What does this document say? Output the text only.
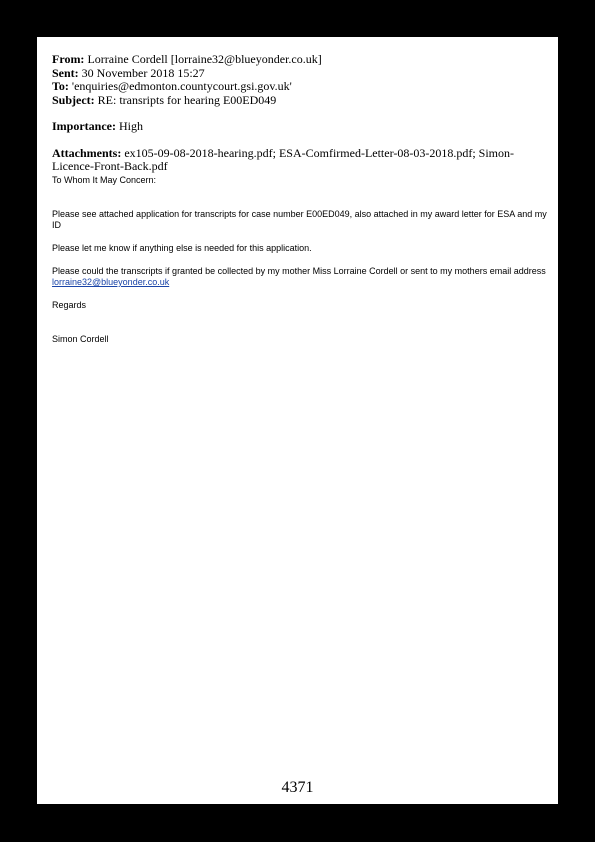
From: Lorraine Cordell [lorraine32@blueyonder.co.uk]
Sent: 30 November 2018 15:27
To: 'enquiries@edmonton.countycourt.gsi.gov.uk'
Subject: RE: transripts for hearing E00ED049
Importance: High
Attachments: ex105-09-08-2018-hearing.pdf; ESA-Comfirmed-Letter-08-03-2018.pdf; Simon-Licence-Front-Back.pdf

To Whom It May Concern:

Please see attached application for transcripts for case number E00ED049, also attached in my award letter for ESA and my ID

Please let me know if anything else is needed for this application.

Please could the transcripts if granted be collected by my mother Miss Lorraine Cordell or sent to my mothers email address lorraine32@blueyonder.co.uk

Regards

Simon Cordell

4371
